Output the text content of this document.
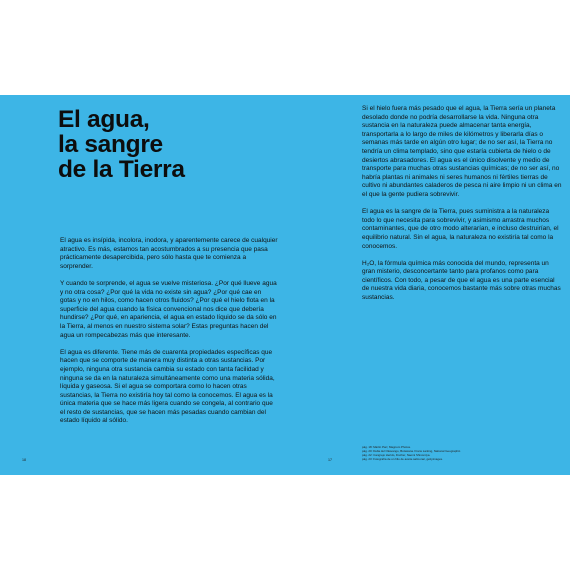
El agua,
la sangre
de la Tierra

El agua es insípida, incolora, inodora, y aparentemente carece de cualquier atractivo. Es más, estamos tan acostumbrados a su presencia que pasa prácticamente desapercibida, pero sólo hasta que te comienza a sorprender.

Y cuando te sorprende, el agua se vuelve misteriosa. ¿Por qué llueve agua y no otra cosa? ¿Por qué la vida no existe sin agua? ¿Por qué cae en gotas y no en hilos, como hacen otros fluidos? ¿Por qué el hielo flota en la superficie del agua cuando la física convencional nos dice que debería hundirse? ¿Por qué, en apariencia, el agua en estado líquido se da sólo en la Tierra, al menos en nuestro sistema solar? Estas preguntas hacen del agua un rompecabezas más que interesante.

El agua es diferente. Tiene más de cuarenta propiedades específicas que hacen que se comporte de manera muy distinta a otras sustancias. Por ejemplo, ninguna otra sustancia cambia su estado con tanta facilidad y ninguna se da en la naturaleza simultáneamente como una materia sólida, líquida y gaseosa. Si el agua se comportara como lo hacen otras sustancias, la Tierra no existiría hoy tal como la conocemos. El agua es la única materia que se hace más ligera cuando se congela, al contrario que el resto de sustancias, que se hacen más pesadas cuando cambian del estado líquido al sólido.

18	17

Si el hielo fuera más pesado que el agua, la Tierra sería un planeta desolado donde no podría desarrollarse la vida. Ninguna otra sustancia en la naturaleza puede almacenar tanta energía, transportarla a lo largo de miles de kilómetros y liberarla días o semanas más tarde en algún otro lugar; de no ser así, la Tierra no tendría un clima templado, sino que estaría cubierta de hielo o de desiertos abrasadores. El agua es el único disolvente y medio de transporte para muchas otras sustancias químicas; de no ser así, no habría plantas ni animales ni seres humanos ni fértiles tierras de cultivo ni abundantes caladeros de pesca ni aire limpio ni un clima en el que la gente pudiera sobrevivir.

El agua es la sangre de la Tierra, pues suministra a la naturaleza todo lo que necesita para sobrevivir, y asimismo arrastra muchos contaminantes, que de otro modo alterarían, e incluso destruirían, el equilibrio natural. Sin el agua, la naturaleza no existiría tal como la conocemos.

H₂O, la fórmula química más conocida del mundo, representa un gran misterio, desconcertante tanto para profanos como para científicos. Con todo, a pesar de que el agua es una parte esencial de nuestra vida diaria, conocemos bastante más sobre otras muchas sustancias.

pág. 18: Martin Parr, Magnum Photos.
pág. 20: Delta del Okavango, Botswana. Frans Lanting, National Geographic.
pág. 22: Cangrejo Herido, Fischer, Naomi Shinomiya.
pág. 23: Fotografía de un hilo de aceite salmonar, gettyimages.
